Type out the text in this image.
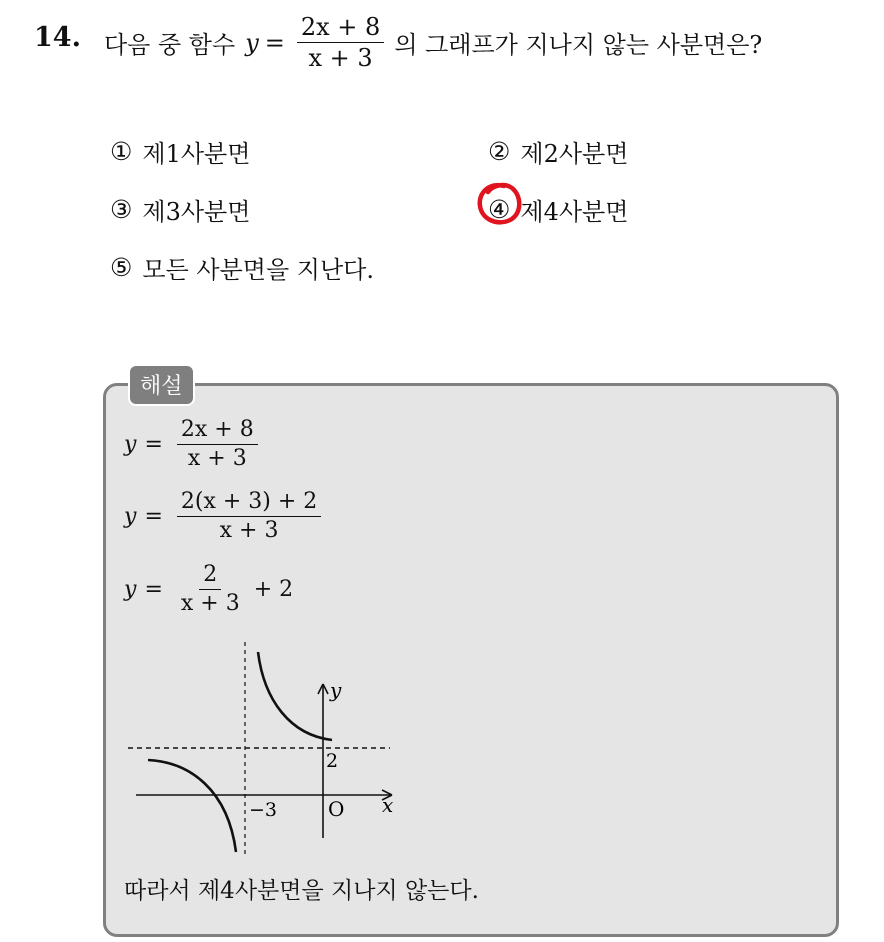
14. 다음 중 함수 $y = \frac{2x + 8}{x + 3}$ 의 그래프가 지나지 않는 사분면은?
① 제1사분면	② 제2사분면
③ 제3사분면	④ 제4사분면
⑤ 모든 사분면을 지난다.
해설
$y = \frac{2x + 8}{x + 3}$
$y = \frac{2(x + 3) + 2}{x + 3}$
$y = \frac{2}{x + 3} + 2$
y
x
O
−3
2
따라서 제4사분면을 지나지 않는다.
